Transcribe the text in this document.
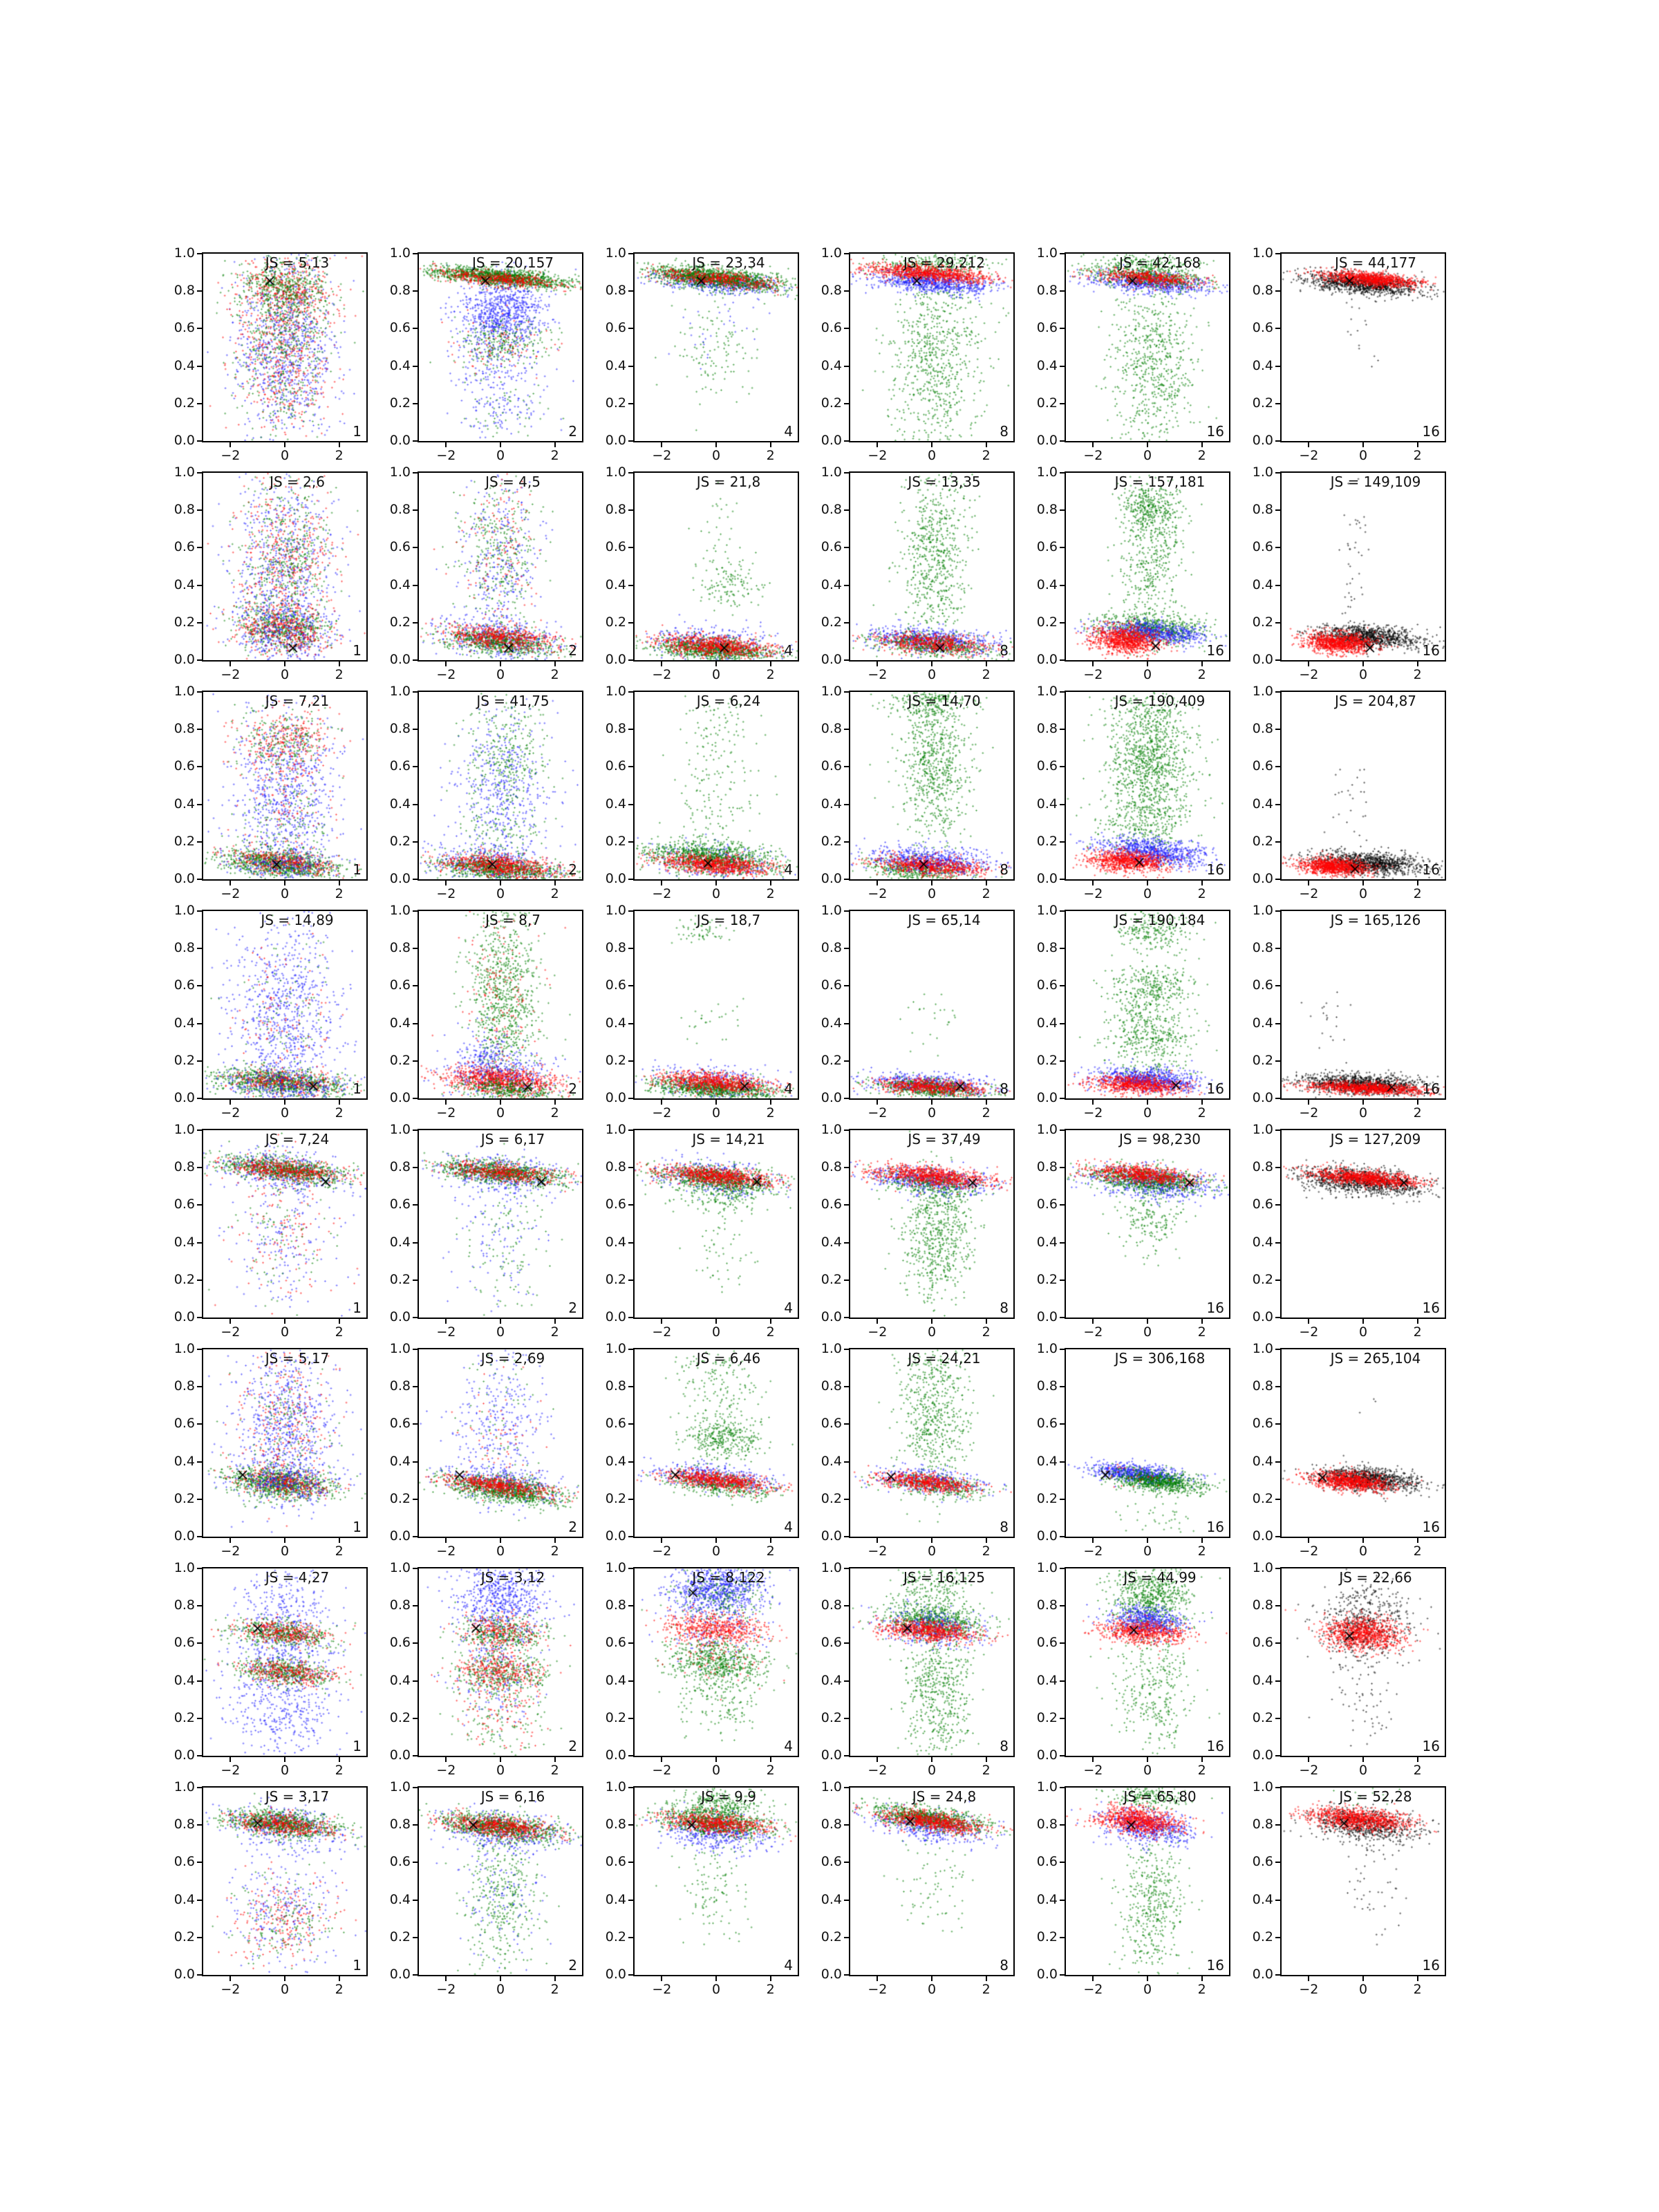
JS = 5,13
1
0.0
0.2
0.4
0.6
0.8
1.0
−2	0	2
JS = 20,157
2
0.0
0.2
0.4
0.6
0.8
1.0
−2	0	2
JS = 23,34
4
0.0
0.2
0.4
0.6
0.8
1.0
−2	0	2
JS = 29,212
8
0.0
0.2
0.4
0.6
0.8
1.0
−2	0	2
JS = 42,168
16
0.0
0.2
0.4
0.6
0.8
1.0
−2	0	2
JS = 44,177
16
0.0
0.2
0.4
0.6
0.8
1.0
−2	0	2
JS = 2,6
1
0.0
0.2
0.4
0.6
0.8
1.0
−2	0	2
JS = 4,5
2
0.0
0.2
0.4
0.6
0.8
1.0
−2	0	2
JS = 21,8
4
0.0
0.2
0.4
0.6
0.8
1.0
−2	0	2
JS = 13,35
8
0.0
0.2
0.4
0.6
0.8
1.0
−2	0	2
JS = 157,181
16
0.0
0.2
0.4
0.6
0.8
1.0
−2	0	2
JS = 149,109
16
0.0
0.2
0.4
0.6
0.8
1.0
−2	0	2
JS = 7,21
1
0.0
0.2
0.4
0.6
0.8
1.0
−2	0	2
JS = 41,75
2
0.0
0.2
0.4
0.6
0.8
1.0
−2	0	2
JS = 6,24
4
0.0
0.2
0.4
0.6
0.8
1.0
−2	0	2
JS = 14,70
8
0.0
0.2
0.4
0.6
0.8
1.0
−2	0	2
JS = 190,409
16
0.0
0.2
0.4
0.6
0.8
1.0
−2	0	2
JS = 204,87
16
0.0
0.2
0.4
0.6
0.8
1.0
−2	0	2
JS = 14,89
1
0.0
0.2
0.4
0.6
0.8
1.0
−2	0	2
JS = 8,7
2
0.0
0.2
0.4
0.6
0.8
1.0
−2	0	2
JS = 18,7
4
0.0
0.2
0.4
0.6
0.8
1.0
−2	0	2
JS = 65,14
8
0.0
0.2
0.4
0.6
0.8
1.0
−2	0	2
JS = 190,184
16
0.0
0.2
0.4
0.6
0.8
1.0
−2	0	2
JS = 165,126
16
0.0
0.2
0.4
0.6
0.8
1.0
−2	0	2
JS = 7,24
1
0.0
0.2
0.4
0.6
0.8
1.0
−2	0	2
JS = 6,17
2
0.0
0.2
0.4
0.6
0.8
1.0
−2	0	2
JS = 14,21
4
0.0
0.2
0.4
0.6
0.8
1.0
−2	0	2
JS = 37,49
8
0.0
0.2
0.4
0.6
0.8
1.0
−2	0	2
JS = 98,230
16
0.0
0.2
0.4
0.6
0.8
1.0
−2	0	2
JS = 127,209
16
0.0
0.2
0.4
0.6
0.8
1.0
−2	0	2
JS = 5,17
1
0.0
0.2
0.4
0.6
0.8
1.0
−2	0	2
JS = 2,69
2
0.0
0.2
0.4
0.6
0.8
1.0
−2	0	2
JS = 6,46
4
0.0
0.2
0.4
0.6
0.8
1.0
−2	0	2
JS = 24,21
8
0.0
0.2
0.4
0.6
0.8
1.0
−2	0	2
JS = 306,168
16
0.0
0.2
0.4
0.6
0.8
1.0
−2	0	2
JS = 265,104
16
0.0
0.2
0.4
0.6
0.8
1.0
−2	0	2
JS = 4,27
1
0.0
0.2
0.4
0.6
0.8
1.0
−2	0	2
JS = 3,12
2
0.0
0.2
0.4
0.6
0.8
1.0
−2	0	2
JS = 8,122
4
0.0
0.2
0.4
0.6
0.8
1.0
−2	0	2
JS = 16,125
8
0.0
0.2
0.4
0.6
0.8
1.0
−2	0	2
JS = 44,99
16
0.0
0.2
0.4
0.6
0.8
1.0
−2	0	2
JS = 22,66
16
0.0
0.2
0.4
0.6
0.8
1.0
−2	0	2
JS = 3,17
1
0.0
0.2
0.4
0.6
0.8
1.0
−2	0	2
JS = 6,16
2
0.0
0.2
0.4
0.6
0.8
1.0
−2	0	2
JS = 9,9
4
0.0
0.2
0.4
0.6
0.8
1.0
−2	0	2
JS = 24,8
8
0.0
0.2
0.4
0.6
0.8
1.0
−2	0	2
JS = 65,80
16
0.0
0.2
0.4
0.6
0.8
1.0
−2	0	2
JS = 52,28
16
0.0
0.2
0.4
0.6
0.8
1.0
−2	0	2
